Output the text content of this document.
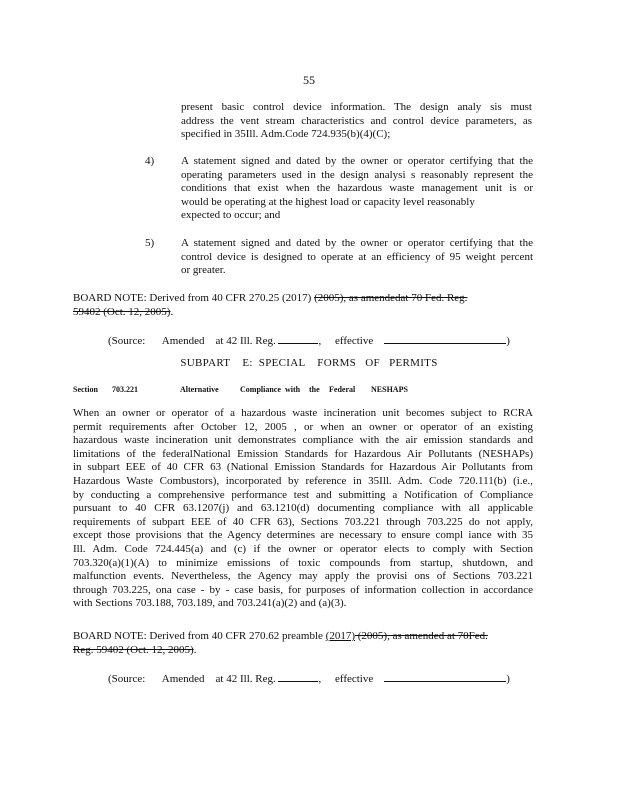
55
present basic control device information. The design analy sis must
address the vent stream characteristics and control device parameters, as
specified in 35Ill. Adm.Code 724.935(b)(4)(C);
4) A statement signed and dated by the owner or operator certifying that the
operating parameters used in the design analysi s reasonably represent the
conditions that exist when the hazardous waste management unit is or
would be operating at the highest load or capacity level reasonably
expected to occur; and
5) A statement signed and dated by the owner or operator certifying that the
control device is designed to operate at an efficiency of 95 weight percent
or greater.
BOARD NOTE: Derived from 40 CFR 270.25 (2017) (2005), as amendedat 70 Fed. Reg.
59402 (Oct. 12, 2005).
(Source: Amended at 42 Ill. Reg.	, effective	)
SUBPART    E:  SPECIAL    FORMS   OF   PERMITS
Section 703.221	Alternative	Compliance with the Federal NESHAPS
When an owner or operator of a hazardous waste incineration unit becomes subject to RCRA
permit requirements after October 12, 2005 , or when an owner or operator of an existing
hazardous waste incineration unit demonstrates compliance with the air emission standards and
limitations of the federalNational Emission Standards for Hazardous Air Pollutants (NESHAPs)
in subpart EEE of 40 CFR 63 (National Emission Standards for Hazardous Air Pollutants from
Hazardous Waste Combustors), incorporated by reference in 35Ill. Adm. Code 720.111(b) (i.e.,
by conducting a comprehensive performance test and submitting a Notification of Compliance
pursuant to 40 CFR 63.1207(j) and 63.1210(d) documenting compliance with all applicable
requirements of subpart EEE of 40 CFR 63), Sections 703.221 through 703.225 do not apply,
except those provisions that the Agency determines are necessary to ensure compl iance with 35
Ill. Adm. Code 724.445(a) and (c) if the owner or operator elects to comply with Section
703.320(a)(1)(A) to minimize emissions of toxic compounds from startup, shutdown, and
malfunction events. Nevertheless, the Agency may apply the provisi ons of Sections 703.221
through 703.225, ona case - by - case basis, for purposes of information collection in accordance
with Sections 703.188, 703.189, and 703.241(a)(2) and (a)(3).
BOARD NOTE: Derived from 40 CFR 270.62 preamble (2017) (2005), as amended at 70Fed.
Reg. 59402 (Oct. 12, 2005).
(Source: Amended at 42 Ill. Reg.	, effective	)
